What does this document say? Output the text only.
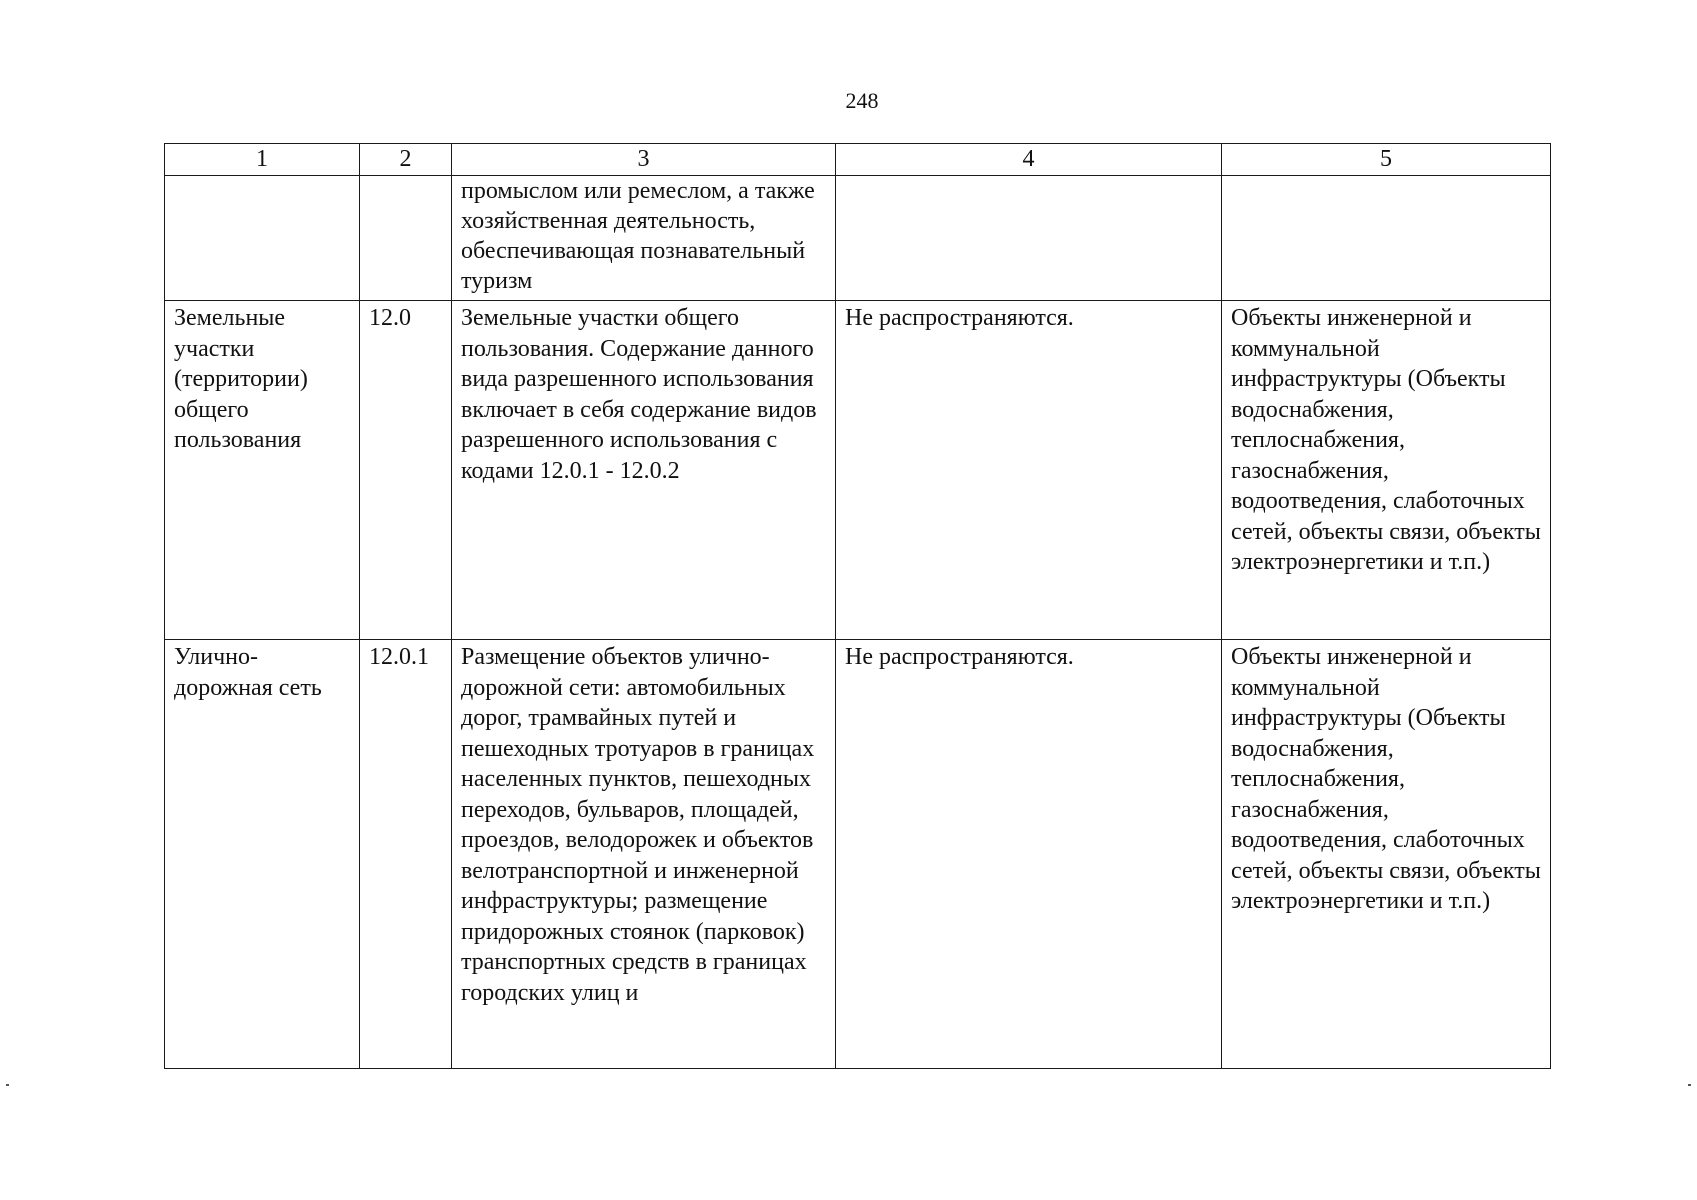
248
1	2	3	4	5
		промыслом или ремеслом, а также хозяйственная деятельность, обеспечивающая познавательный туризм		
Земельные участки (территории) общего пользования	12.0	Земельные участки общего пользования. Содержание данного вида разрешенного использования включает в себя содержание видов разрешенного использования с кодами 12.0.1 - 12.0.2	Не распространяются.	Объекты инженерной и коммунальной инфраструктуры (Объекты водоснабжения, теплоснабжения, газоснабжения, водоотведения, слаботочных сетей, объекты связи, объекты электроэнергетики и т.п.)
Улично-дорожная сеть	12.0.1	Размещение объектов улично-дорожной сети: автомобильных дорог, трамвайных путей и пешеходных тротуаров в границах населенных пунктов, пешеходных переходов, бульваров, площадей, проездов, велодорожек и объектов велотранспортной и инженерной инфраструктуры; размещение придорожных стоянок (парковок) транспортных средств в границах городских улиц и	Не распространяются.	Объекты инженерной и коммунальной инфраструктуры (Объекты водоснабжения, теплоснабжения, газоснабжения, водоотведения, слаботочных сетей, объекты связи, объекты электроэнергетики и т.п.)
